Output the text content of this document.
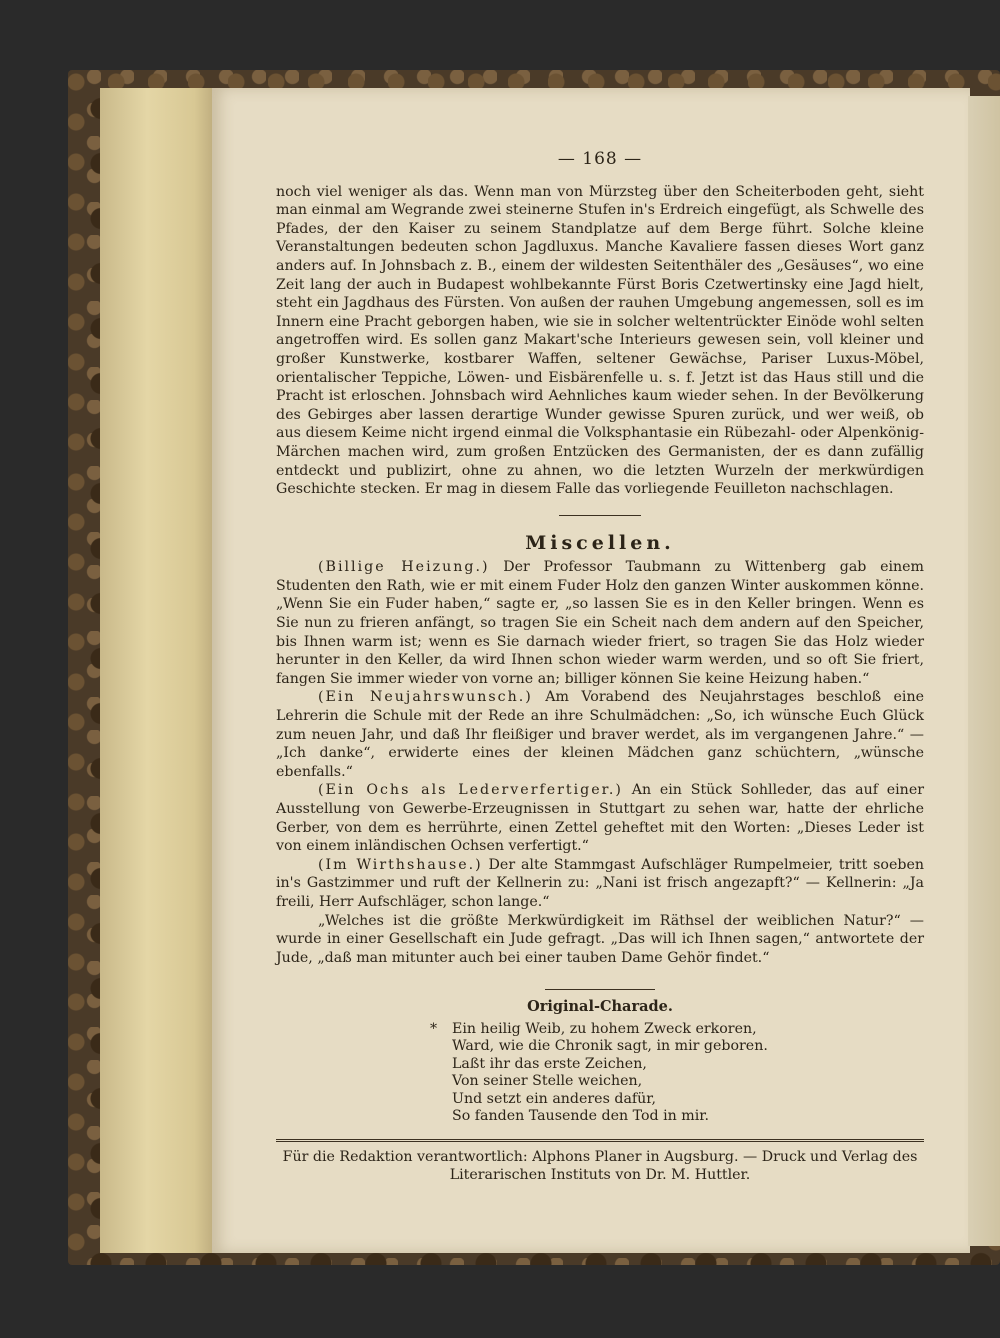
— 168 —

noch viel weniger als das. Wenn man von Mürzsteg über den Scheiterboden geht, sieht man einmal am Wegrande zwei steinerne Stufen in's Erdreich eingefügt, als Schwelle des Pfades, der den Kaiser zu seinem Standplatze auf dem Berge führt. Solche kleine Veranstaltungen bedeuten schon Jagdluxus. Manche Kavaliere fassen dieses Wort ganz anders auf. In Johnsbach z. B., einem der wildesten Seitenthäler des „Gesäuses“, wo eine Zeit lang der auch in Budapest wohlbekannte Fürst Boris Czetwertinsky eine Jagd hielt, steht ein Jagdhaus des Fürsten. Von außen der rauhen Umgebung angemessen, soll es im Innern eine Pracht geborgen haben, wie sie in solcher weltentrückter Einöde wohl selten angetroffen wird. Es sollen ganz Makart'sche Interieurs gewesen sein, voll kleiner und großer Kunstwerke, kostbarer Waffen, seltener Gewächse, Pariser Luxus-Möbel, orientalischer Teppiche, Löwen- und Eisbärenfelle u. s. f. Jetzt ist das Haus still und die Pracht ist erloschen. Johnsbach wird Aehnliches kaum wieder sehen. In der Bevölkerung des Gebirges aber lassen derartige Wunder gewisse Spuren zurück, und wer weiß, ob aus diesem Keime nicht irgend einmal die Volksphantasie ein Rübezahl- oder Alpenkönig-Märchen machen wird, zum großen Entzücken des Germanisten, der es dann zufällig entdeckt und publizirt, ohne zu ahnen, wo die letzten Wurzeln der merkwürdigen Geschichte stecken. Er mag in diesem Falle das vorliegende Feuilleton nachschlagen.

Miscellen.

(Billige Heizung.) Der Professor Taubmann zu Wittenberg gab einem Studenten den Rath, wie er mit einem Fuder Holz den ganzen Winter auskommen könne. „Wenn Sie ein Fuder haben,“ sagte er, „so lassen Sie es in den Keller bringen. Wenn es Sie nun zu frieren anfängt, so tragen Sie ein Scheit nach dem andern auf den Speicher, bis Ihnen warm ist; wenn es Sie darnach wieder friert, so tragen Sie das Holz wieder herunter in den Keller, da wird Ihnen schon wieder warm werden, und so oft Sie friert, fangen Sie immer wieder von vorne an; billiger können Sie keine Heizung haben.“

(Ein Neujahrswunsch.) Am Vorabend des Neujahrstages beschloß eine Lehrerin die Schule mit der Rede an ihre Schulmädchen: „So, ich wünsche Euch Glück zum neuen Jahr, und daß Ihr fleißiger und braver werdet, als im vergangenen Jahre.“ — „Ich danke“, erwiderte eines der kleinen Mädchen ganz schüchtern, „wünsche ebenfalls.“

(Ein Ochs als Lederverfertiger.) An ein Stück Sohlleder, das auf einer Ausstellung von Gewerbe-Erzeugnissen in Stuttgart zu sehen war, hatte der ehrliche Gerber, von dem es herrührte, einen Zettel geheftet mit den Worten: „Dieses Leder ist von einem inländischen Ochsen verfertigt.“

(Im Wirthshause.) Der alte Stammgast Aufschläger Rumpelmeier, tritt soeben in's Gastzimmer und ruft der Kellnerin zu: „Nani ist frisch angezapft?“ — Kellnerin: „Ja freili, Herr Aufschläger, schon lange.“

„Welches ist die größte Merkwürdigkeit im Räthsel der weiblichen Natur?“ — wurde in einer Gesellschaft ein Jude gefragt. „Das will ich Ihnen sagen,“ antwortete der Jude, „daß man mitunter auch bei einer tauben Dame Gehör findet.“

Original-Charade.
* Ein heilig Weib, zu hohem Zweck erkoren,
Ward, wie die Chronik sagt, in mir geboren.
Laßt ihr das erste Zeichen,
Von seiner Stelle weichen,
Und setzt ein anderes dafür,
So fanden Tausende den Tod in mir.
Für die Redaktion verantwortlich: Alphons Planer in Augsburg. — Druck und Verlag des
Literarischen Instituts von Dr. M. Huttler.
